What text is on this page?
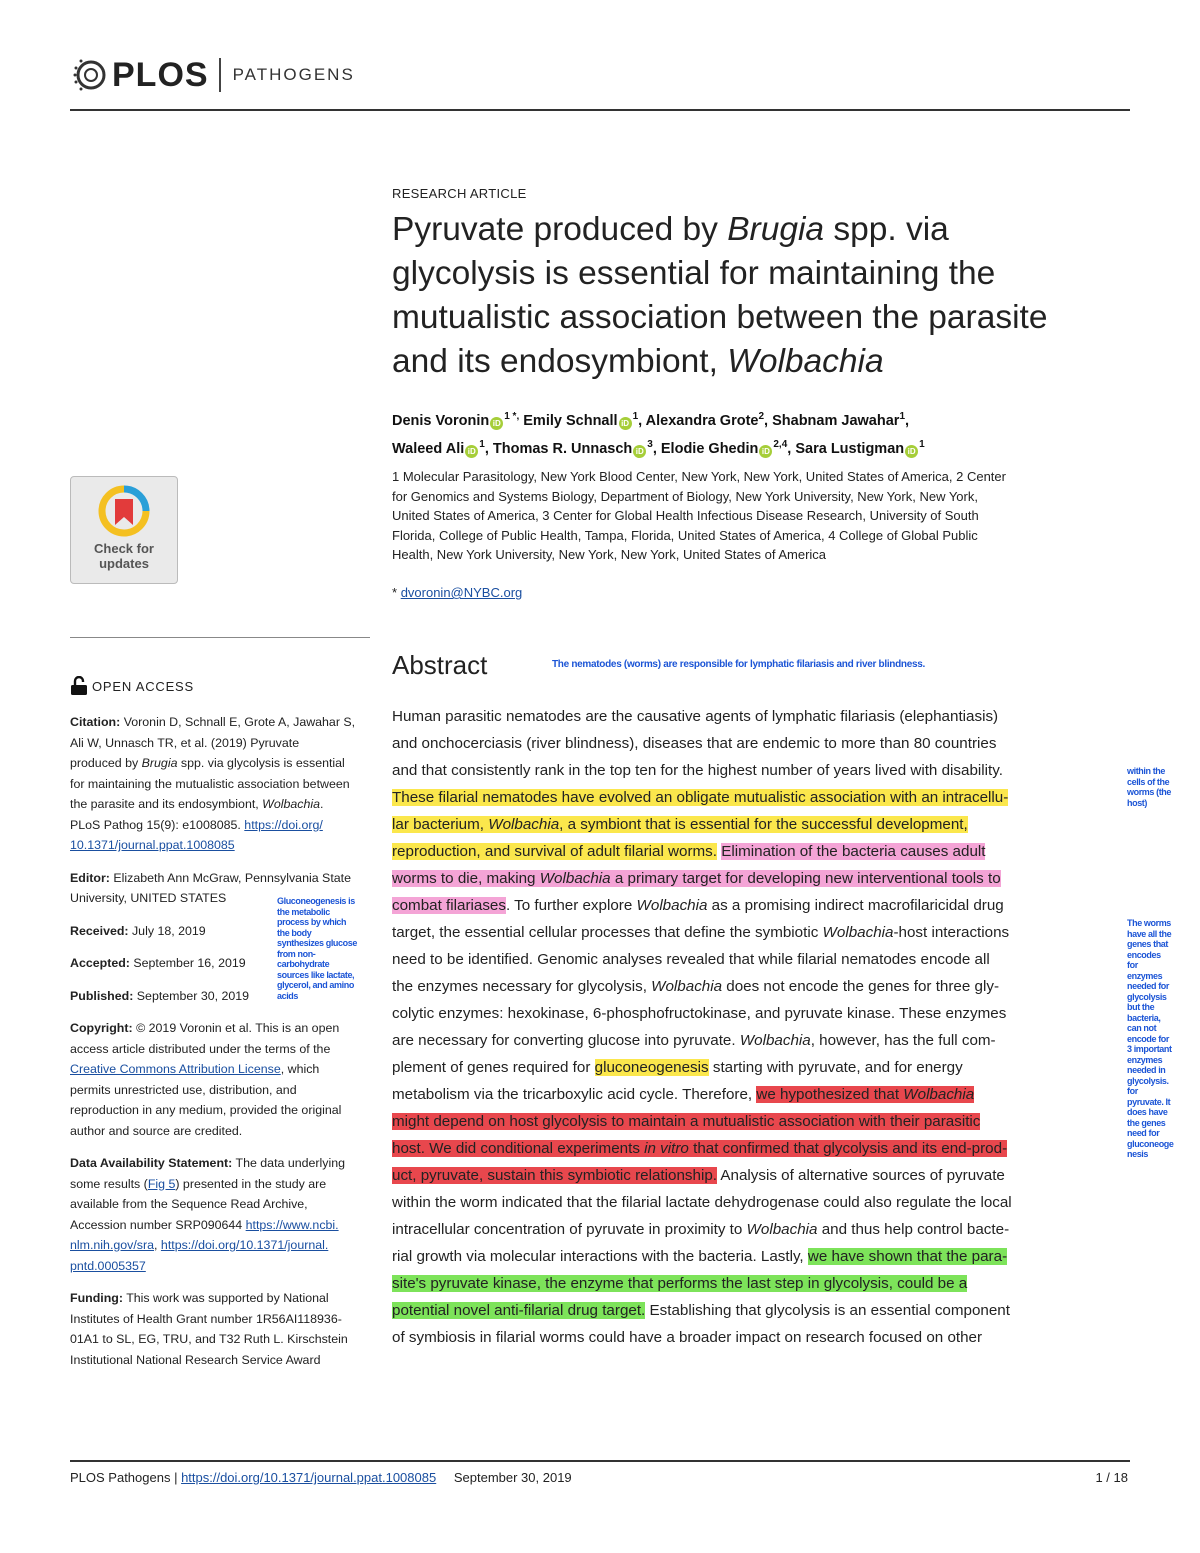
PLOS PATHOGENS
RESEARCH ARTICLE
Pyruvate produced by Brugia spp. via
glycolysis is essential for maintaining the
mutualistic association between the parasite
and its endosymbiont, Wolbachia
Denis Voronin $iD^{1 *,}$ Emily Schnall $iD^1$, Alexandra Grote$^2$, Shabnam Jawahar$^1$,
Waleed Ali $iD^1$, Thomas R. Unnasch $iD^3$, Elodie Ghedin iD$^{2,4}$, Sara Lustigman $iD^1$
1 Molecular Parasitology, New York Blood Center, New York, New York, United States of America, 2 Center
for Genomics and Systems Biology, Department of Biology, New York University, New York, New York,
United States of America, 3 Center for Global Health Infectious Disease Research, University of South
Florida, College of Public Health, Tampa, Florida, United States of America, 4 College of Global Public
Health, New York University, New York, New York, United States of America
* dvoronin@NYBC.org
Abstract	The nematodes (worms) are responsible for lymphatic filariasis and river blindness.
Human parasitic nematodes are the causative agents of lymphatic filariasis (elephantiasis)
and onchocerciasis (river blindness), diseases that are endemic to more than 80 countries
and that consistently rank in the top ten for the highest number of years lived with disability.
These filarial nematodes have evolved an obligate mutualistic association with an intracellu-
lar bacterium, Wolbachia, a symbiont that is essential for the successful development,
reproduction, and survival of adult filarial worms. Elimination of the bacteria causes adult
worms to die, making Wolbachia a primary target for developing new interventional tools to
combat filariases. To further explore Wolbachia as a promising indirect macrofilaricidal drug
target, the essential cellular processes that define the symbiotic Wolbachia-host interactions
need to be identified. Genomic analyses revealed that while filarial nematodes encode all
the enzymes necessary for glycolysis, Wolbachia does not encode the genes for three gly-
colytic enzymes: hexokinase, 6-phosphofructokinase, and pyruvate kinase. These enzymes
are necessary for converting glucose into pyruvate. Wolbachia, however, has the full com-
plement of genes required for gluconeogenesis starting with pyruvate, and for energy
metabolism via the tricarboxylic acid cycle. Therefore, we hypothesized that Wolbachia
might depend on host glycolysis to maintain a mutualistic association with their parasitic
host. We did conditional experiments in vitro that confirmed that glycolysis and its end-prod-
uct, pyruvate, sustain this symbiotic relationship. Analysis of alternative sources of pyruvate
within the worm indicated that the filarial lactate dehydrogenase could also regulate the local
intracellular concentration of pyruvate in proximity to Wolbachia and thus help control bacte-
rial growth via molecular interactions with the bacteria. Lastly, we have shown that the para-
site's pyruvate kinase, the enzyme that performs the last step in glycolysis, could be a
potential novel anti-filarial drug target. Establishing that glycolysis is an essential component
of symbiosis in filarial worms could have a broader impact on research focused on other
within the
cells of the
worms (the
host)
The worms
have all the
genes that
encodes
for
enzymes
needed for
glycolysis
but the
bacteria,
can not
encode for
3 important
enzymes
needed in
glycolysis.
for
pyruvate. It
does have
the genes
need for
gluconeoge
nesis
Gluconeogenesis is
the metabolic
process by which
the body
synthesizes glucose
from non-
carbohydrate
sources like lactate,
glycerol, and amino
acids
Check for
updates
OPEN ACCESS

Citation: Voronin D, Schnall E, Grote A, Jawahar S,
Ali W, Unnasch TR, et al. (2019) Pyruvate
produced by Brugia spp. via glycolysis is essential
for maintaining the mutualistic association between
the parasite and its endosymbiont, Wolbachia.
PLoS Pathog 15(9): e1008085. https://doi.org/
10.1371/journal.ppat.1008085

Editor: Elizabeth Ann McGraw, Pennsylvania State
University, UNITED STATES

Received: July 18, 2019

Accepted: September 16, 2019

Published: September 30, 2019

Copyright: © 2019 Voronin et al. This is an open
access article distributed under the terms of the
Creative Commons Attribution License, which
permits unrestricted use, distribution, and
reproduction in any medium, provided the original
author and source are credited.

Data Availability Statement: The data underlying
some results (Fig 5) presented in the study are
available from the Sequence Read Archive,
Accession number SRP090644 https://www.ncbi.
nlm.nih.gov/sra, https://doi.org/10.1371/journal.
pntd.0005357

Funding: This work was supported by National
Institutes of Health Grant number 1R56AI118936-
01A1 to SL, EG, TRU, and T32 Ruth L. Kirschstein
Institutional National Research Service Award

PLOS Pathogens | https://doi.org/10.1371/journal.ppat.1008085 September 30, 2019	1 / 18
